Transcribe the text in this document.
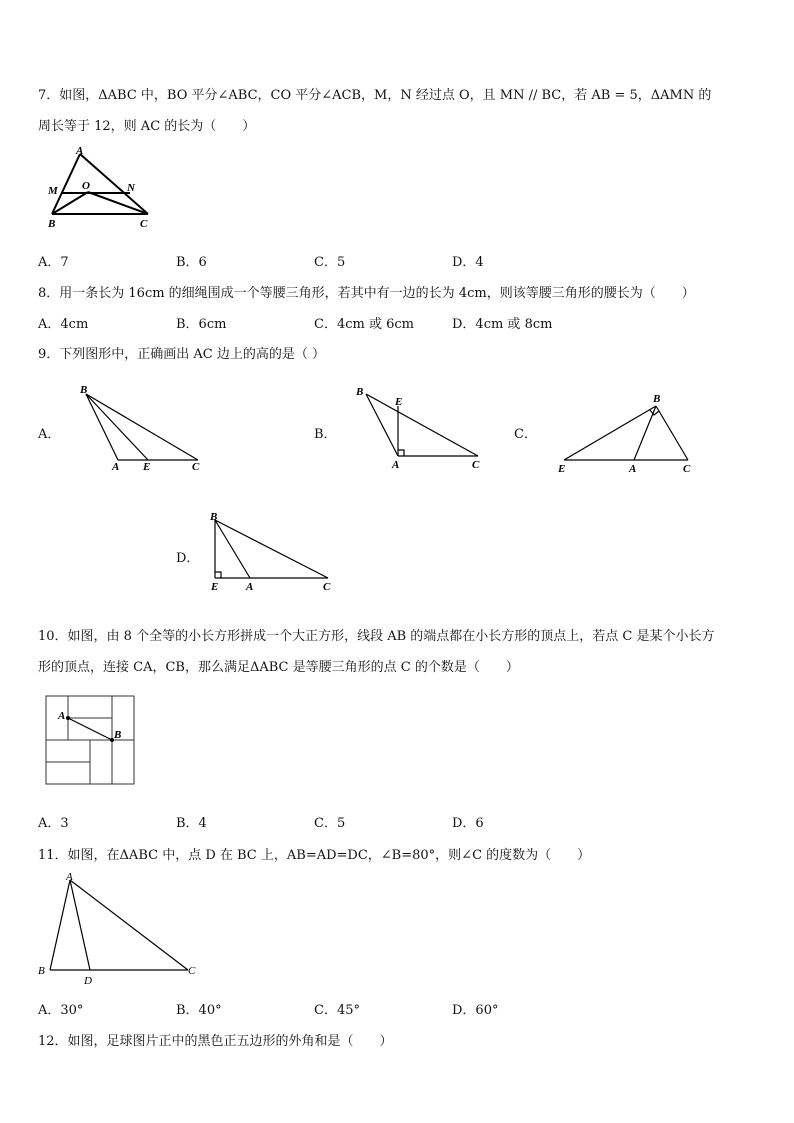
7．如图，ΔABC 中，BO 平分∠ABC，CO 平分∠ACB，M，N 经过点 O，且 MN // BC，若 AB = 5，ΔAMN 的
周长等于 12，则 AC 的长为（　　）
A
M O	N
B	C
A．7	B．6	C．5	D．4
8．用一条长为 16cm 的细绳围成一个等腰三角形，若其中有一边的长为 4cm，则该等腰三角形的腰长为（　　）
A．4cm	B．6cm	C．4cm 或 6cm	D．4cm 或 8cm
9．下列图形中，正确画出 AC 边上的高的是（ ）
A．
B
A E	C
B．
B
E
A	C
C．
B
E	A	C
D．
B
E	A	C
10．如图，由 8 个全等的小长方形拼成一个大正方形，线段 AB 的端点都在小长方形的顶点上，若点 C 是某个小长方
形的顶点，连接 CA，CB，那么满足ΔABC 是等腰三角形的点 C 的个数是（　　）
A
B
A．3	B．4	C．5	D．6
11．如图，在ΔABC 中，点 D 在 BC 上，AB=AD=DC，∠B=80°，则∠C 的度数为（　　）
A
B
D
C
A．30°	B．40°	C．45°	D．60°
12．如图，足球图片正中的黑色正五边形的外角和是（　　）
